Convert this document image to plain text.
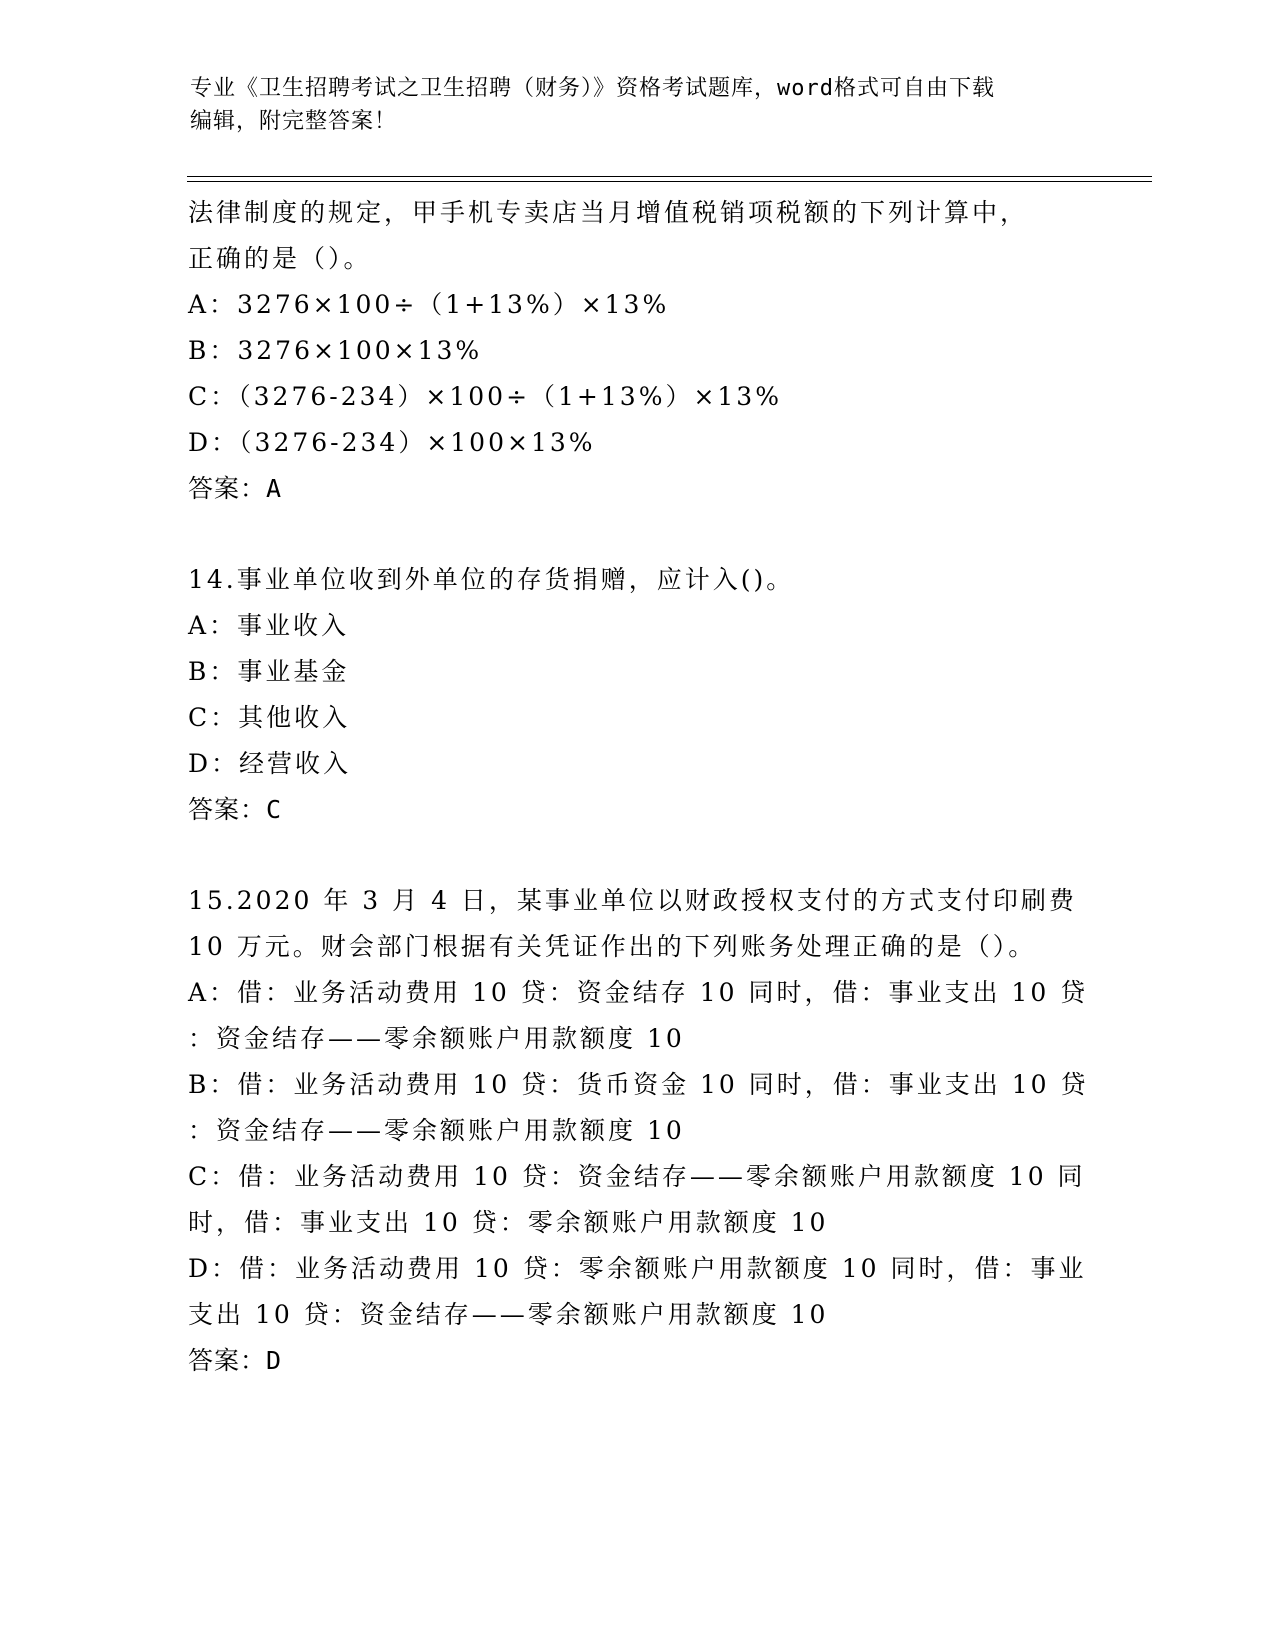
专业《卫生招聘考试之卫生招聘（财务）》资格考试题库，word格式可自由下载
编辑，附完整答案！
法律制度的规定，甲手机专卖店当月增值税销项税额的下列计算中，
正确的是（）。
A：3276×100÷（1+13%）×13%
B：3276×100×13%
C：（3276-234）×100÷（1+13%）×13%
D：（3276-234）×100×13%
答案：A
14.事业单位收到外单位的存货捐赠，应计入()。
A：事业收入
B：事业基金
C：其他收入
D：经营收入
答案：C
15.2020 年 3 月 4 日，某事业单位以财政授权支付的方式支付印刷费
10 万元。财会部门根据有关凭证作出的下列账务处理正确的是（）。
A：借：业务活动费用 10 贷：资金结存 10 同时，借：事业支出 10 贷
：资金结存——零余额账户用款额度 10
B：借：业务活动费用 10 贷：货币资金 10 同时，借：事业支出 10 贷
：资金结存——零余额账户用款额度 10
C：借：业务活动费用 10 贷：资金结存——零余额账户用款额度 10 同
时，借：事业支出 10 贷：零余额账户用款额度 10
D：借：业务活动费用 10 贷：零余额账户用款额度 10 同时，借：事业
支出 10 贷：资金结存——零余额账户用款额度 10
答案：D
